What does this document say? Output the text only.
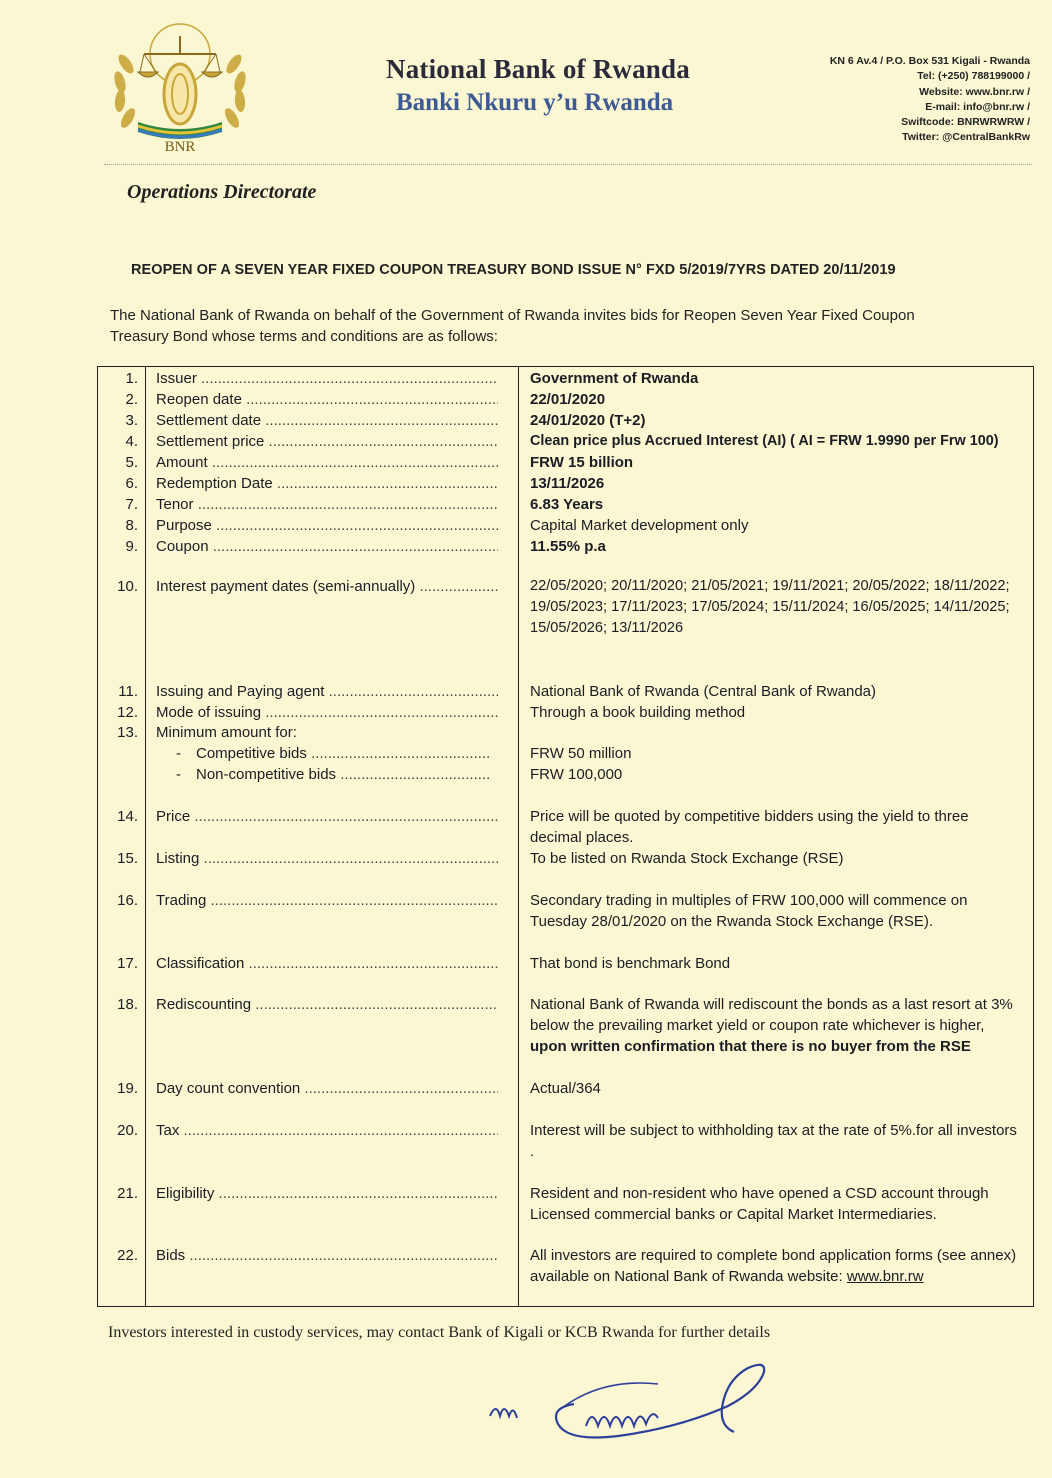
BNR
National Bank of Rwanda
Banki Nkuru y’u Rwanda
KN 6 Av.4 / P.O. Box 531 Kigali - Rwanda
Tel: (+250) 788199000 /
Website: www.bnr.rw /
E-mail: info@bnr.rw /
Swiftcode: BNRWRWRW /
Twitter: @CentralBankRw
Operations Directorate
REOPEN OF A SEVEN YEAR FIXED COUPON TREASURY BOND ISSUE N° FXD 5/2019/7YRS DATED 20/11/2019
The National Bank of Rwanda on behalf of the Government of Rwanda invites bids for Reopen Seven Year Fixed Coupon Treasury Bond whose terms and conditions are as follows:
1. Issuer .....	Government of Rwanda
2. Reopen date .....	22/01/2020
3. Settlement date .....	24/01/2020 (T+2)
4. Settlement price .....	Clean price plus Accrued Interest (AI) ( AI = FRW 1.9990 per Frw 100)
5. Amount .....	FRW 15 billion
6. Redemption Date .....	13/11/2026
7. Tenor .....	6.83 Years
8. Purpose .....	Capital Market development only
9. Coupon .....	11.55% p.a
10. Interest payment dates (semi-annually) .....	22/05/2020; 20/11/2020; 21/05/2021; 19/11/2021; 20/05/2022; 18/11/2022; 19/05/2023; 17/11/2023; 17/05/2024; 15/11/2024; 16/05/2025; 14/11/2025; 15/05/2026; 13/11/2026
11. Issuing and Paying agent .....	National Bank of Rwanda (Central Bank of Rwanda)
12. Mode of issuing .....	Through a book building method
13. Minimum amount for:
- Competitive bids .....	FRW 50 million
- Non-competitive bids .....	FRW 100,000
14. Price .....	Price will be quoted by competitive bidders using the yield to three decimal places.
15. Listing .....	To be listed on Rwanda Stock Exchange (RSE)
16. Trading .....	Secondary trading in multiples of FRW 100,000 will commence on Tuesday 28/01/2020 on the Rwanda Stock Exchange (RSE).
17. Classification .....	That bond is benchmark Bond
18. Rediscounting .....	National Bank of Rwanda will rediscount the bonds as a last resort at 3% below the prevailing market yield or coupon rate whichever is higher, upon written confirmation that there is no buyer from the RSE
19. Day count convention .....	Actual/364
20. Tax .....	Interest will be subject to withholding tax at the rate of 5%.for all investors
.
21. Eligibility .....	Resident and non-resident who have opened a CSD account through Licensed commercial banks or Capital Market Intermediaries.
22. Bids .....	All investors are required to complete bond application forms (see annex) available on National Bank of Rwanda website: www.bnr.rw
Investors interested in custody services, may contact Bank of Kigali or KCB Rwanda for further details
